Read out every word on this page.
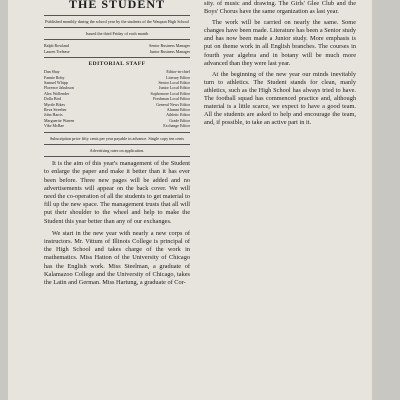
THE STUDENT
Published monthly during the school year by the students of the Waupun High School
Issued the third Friday of each month
Ralph Rowland	Senior Business Manager
Lauren Trelease	Junior Business Manager
EDITORIAL STAFF
Dan Shay	Editor-in-chief
Fannie Roby	Literary Editor
Samuel Whipp	Senior Local Editor
Florence Jakubson	Junior Local Editor
Alex Wollender	Sophomore Local Editor
Dolla Bird	Freshman Local Editor
Myrtle Bikes	General News Editor
Reva Streeber	Alumni Editor
John Harris	Athletic Editor
Marguerite Warren	Grade Editor
Vike McRae	Exchange Editor
Subscription price fifty cents per year payable in advance. Single copy ten cents
Advertising rates on application.

It is the aim of this year's management of the Student to enlarge the paper and make it better than it has ever been before. Three new pages will be added and no advertisements will appear on the back cover. We will need the co-operation of all the students to get material to fill up the new space. The management trusts that all will put their shoulder to the wheel and help to make the Student this year better than any of our exchanges.

We start in the new year with nearly a new corps of instructors. Mr. Vittum of Illinois College is principal of the High School and takes charge of the work in mathematics. Miss Hatton of the University of Chicago has the English work. Miss Steelman, a graduate of Kalamazoo College and the University of Chicago, takes the Latin and German. Miss Hartung, a graduate of Cor-

sity. of music and drawing. The Girls' Glee Club and the Boys' Chorus have the same organization as last year.

The work will be carried on nearly the same. Some changes have been made. Literature has been a Senior study and has now been made a Junior study. More emphasis is put on theme work in all English branches. The courses in fourth year algebra and in botany will be much more advanced than they were last year.

At the beginning of the new year our minds inevitably turn to athletics. The Student stands for clean, manly athletics, such as the High School has always tried to have. The football squad has commenced practice and, although material is a little scarce, we expect to have a good team. All the students are asked to help and encourage the team, and, if possible, to take an active part in it.
